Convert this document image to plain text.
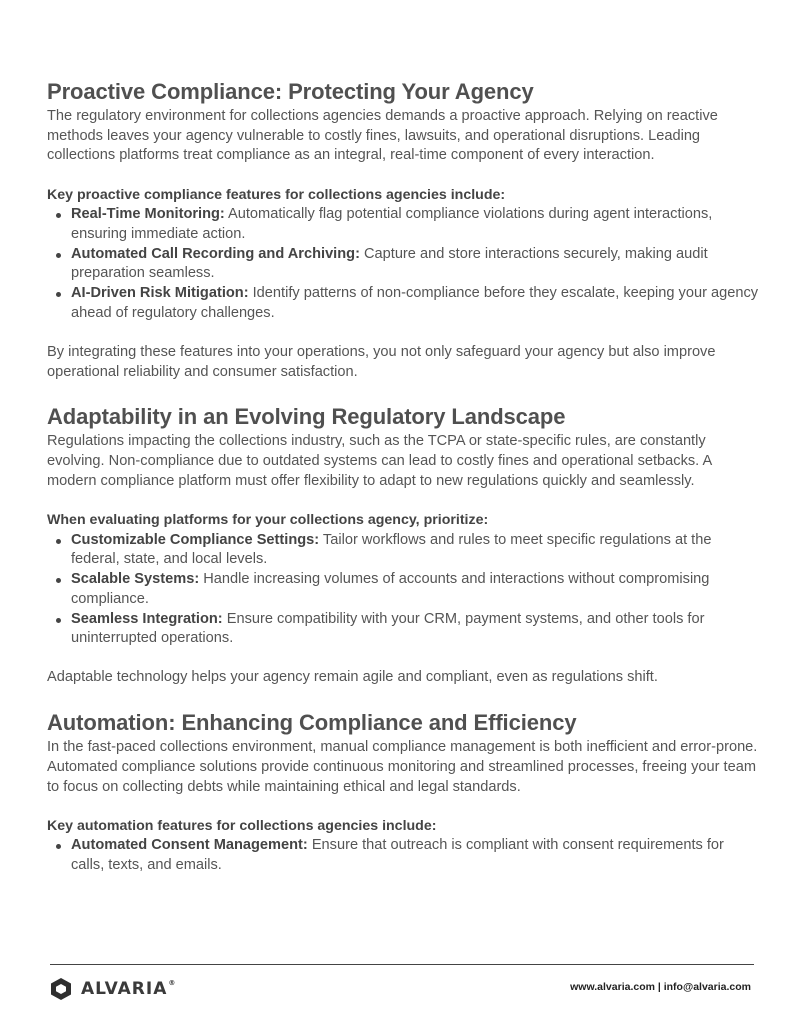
Proactive Compliance: Protecting Your Agency

The regulatory environment for collections agencies demands a proactive approach. Relying on reactive methods leaves your agency vulnerable to costly fines, lawsuits, and operational disruptions. Leading collections platforms treat compliance as an integral, real-time component of every interaction.

Key proactive compliance features for collections agencies include:

Real-Time Monitoring: Automatically flag potential compliance violations during agent interactions, ensuring immediate action.
Automated Call Recording and Archiving: Capture and store interactions securely, making audit preparation seamless.
AI-Driven Risk Mitigation: Identify patterns of non-compliance before they escalate, keeping your agency ahead of regulatory challenges.

By integrating these features into your operations, you not only safeguard your agency but also improve operational reliability and consumer satisfaction.

Adaptability in an Evolving Regulatory Landscape

Regulations impacting the collections industry, such as the TCPA or state-specific rules, are constantly evolving. Non-compliance due to outdated systems can lead to costly fines and operational setbacks. A modern compliance platform must offer flexibility to adapt to new regulations quickly and seamlessly.

When evaluating platforms for your collections agency, prioritize:

Customizable Compliance Settings: Tailor workflows and rules to meet specific regulations at the federal, state, and local levels.
Scalable Systems: Handle increasing volumes of accounts and interactions without compromising compliance.
Seamless Integration: Ensure compatibility with your CRM, payment systems, and other tools for uninterrupted operations.

Adaptable technology helps your agency remain agile and compliant, even as regulations shift.

Automation: Enhancing Compliance and Efficiency

In the fast-paced collections environment, manual compliance management is both inefficient and error-prone. Automated compliance solutions provide continuous monitoring and streamlined processes, freeing your team to focus on collecting debts while maintaining ethical and legal standards.

Key automation features for collections agencies include:

Automated Consent Management: Ensure that outreach is compliant with consent requirements for calls, texts, and emails.
ALVARIA®	www.alvaria.com | info@alvaria.com
